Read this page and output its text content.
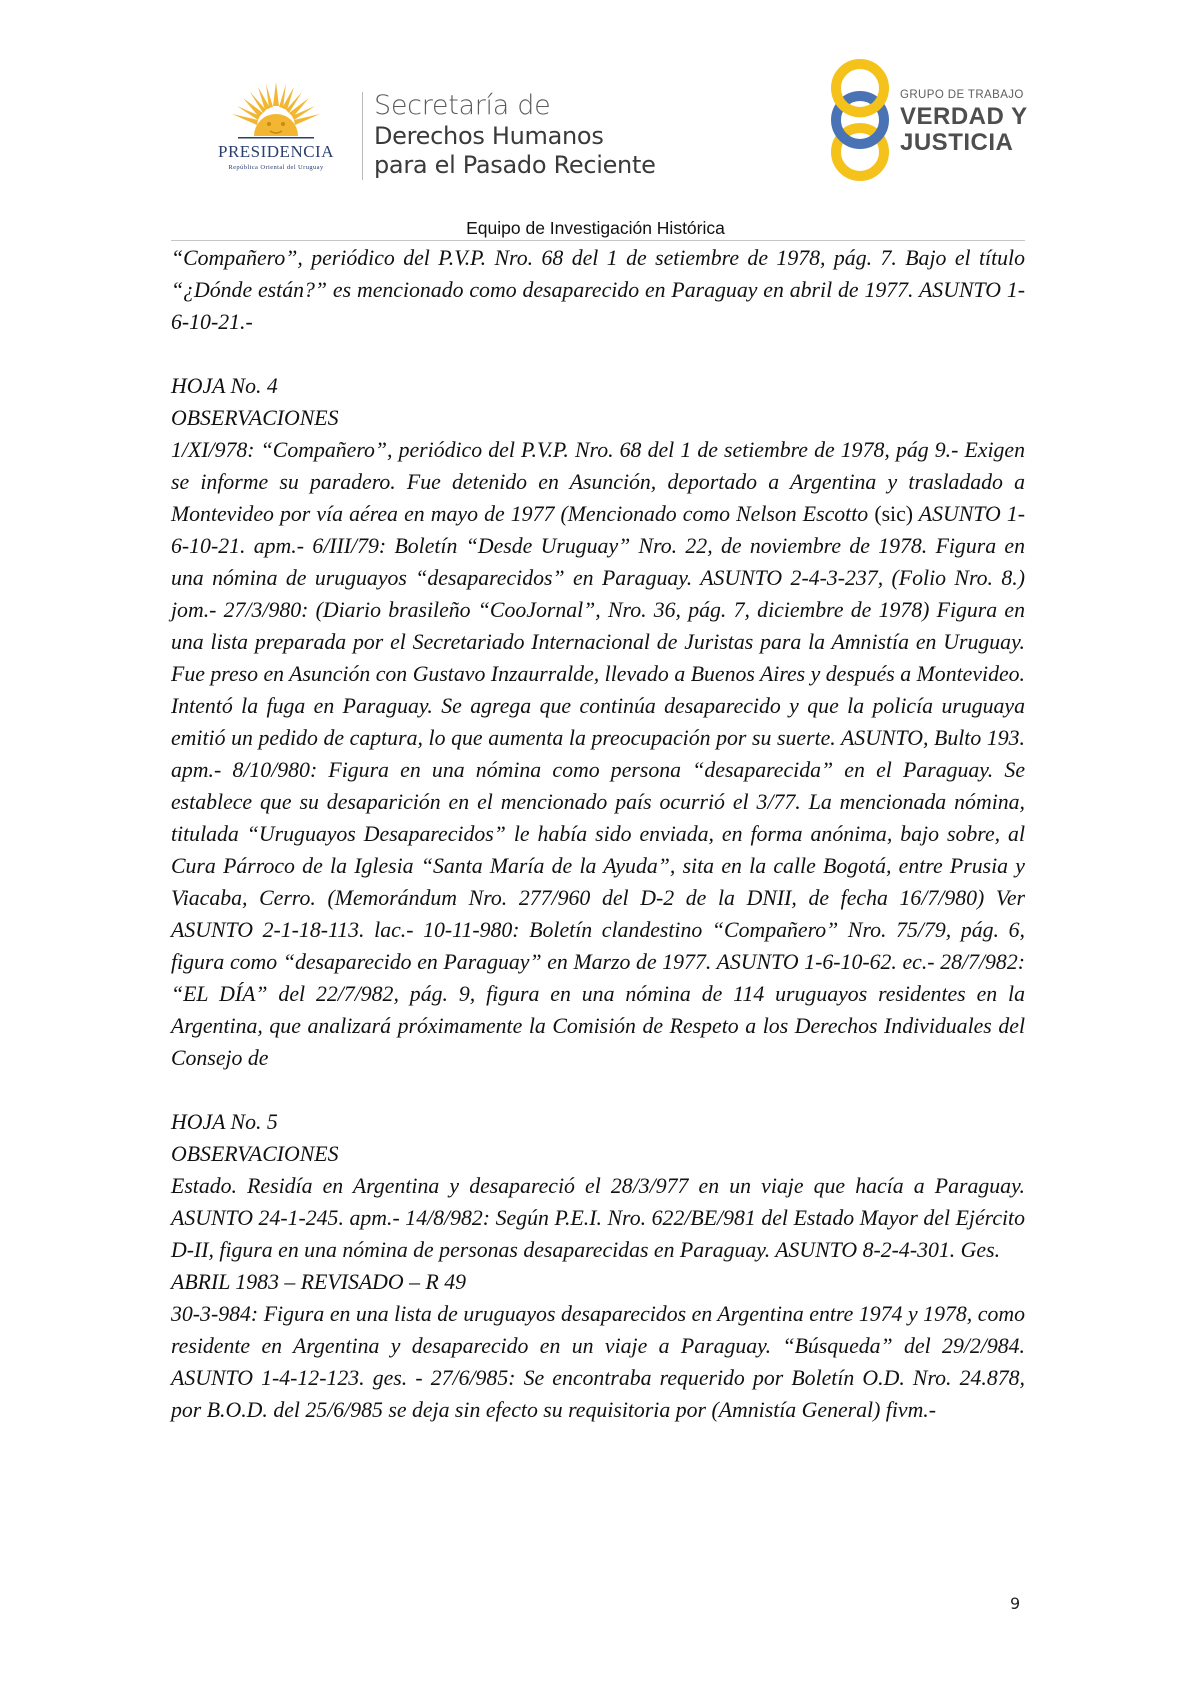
PRESIDENCIA
República Oriental del Uruguay
Secretaría de
Derechos Humanos
para el Pasado Reciente
GRUPO DE TRABAJO
VERDAD Y
JUSTICIA
Equipo de Investigación Histórica

“Compañero”, periódico del P.V.P. Nro. 68 del 1 de setiembre de 1978, pág. 7. Bajo el título “¿Dónde están?” es mencionado como desaparecido en Paraguay en abril de 1977. ASUNTO 1-6-10-21.-

HOJA No. 4

OBSERVACIONES

1/XI/978: “Compañero”, periódico del P.V.P. Nro. 68 del 1 de setiembre de 1978, pág 9.- Exigen se informe su paradero. Fue detenido en Asunción, deportado a Argentina y trasladado a Montevideo por vía aérea en mayo de 1977 (Mencionado como Nelson Escotto (sic) ASUNTO 1-6-10-21. apm.- 6/III/79: Boletín “Desde Uruguay” Nro. 22, de noviembre de 1978. Figura en una nómina de uruguayos “desaparecidos” en Paraguay. ASUNTO 2-4-3-237, (Folio Nro. 8.) jom.- 27/3/980: (Diario brasileño “CooJornal”, Nro. 36, pág. 7, diciembre de 1978) Figura en una lista preparada por el Secretariado Internacional de Juristas para la Amnistía en Uruguay. Fue preso en Asunción con Gustavo Inzaurralde, llevado a Buenos Aires y después a Montevideo. Intentó la fuga en Paraguay. Se agrega que continúa desaparecido y que la policía uruguaya emitió un pedido de captura, lo que aumenta la preocupación por su suerte. ASUNTO, Bulto 193. apm.- 8/10/980: Figura en una nómina como persona “desaparecida” en el Paraguay. Se establece que su desaparición en el mencionado país ocurrió el 3/77. La mencionada nómina, titulada “Uruguayos Desaparecidos” le había sido enviada, en forma anónima, bajo sobre, al Cura Párroco de la Iglesia “Santa María de la Ayuda”, sita en la calle Bogotá, entre Prusia y Viacaba, Cerro. (Memorándum Nro. 277/960 del D-2 de la DNII, de fecha 16/7/980) Ver ASUNTO 2-1-18-113. lac.- 10-11-980: Boletín clandestino “Compañero” Nro. 75/79, pág. 6, figura como “desaparecido en Paraguay” en Marzo de 1977. ASUNTO 1-6-10-62. ec.- 28/7/982: “EL DÍA” del 22/7/982, pág. 9, figura en una nómina de 114 uruguayos residentes en la Argentina, que analizará próximamente la Comisión de Respeto a los Derechos Individuales del Consejo de

HOJA No. 5

OBSERVACIONES

Estado. Residía en Argentina y desapareció el 28/3/977 en un viaje que hacía a Paraguay. ASUNTO 24-1-245. apm.- 14/8/982: Según P.E.I. Nro. 622/BE/981 del Estado Mayor del Ejército D-II, figura en una nómina de personas desaparecidas en Paraguay. ASUNTO 8-2-4-301. Ges.

ABRIL 1983 – REVISADO – R 49

30-3-984: Figura en una lista de uruguayos desaparecidos en Argentina entre 1974 y 1978, como residente en Argentina y desaparecido en un viaje a Paraguay. “Búsqueda” del 29/2/984. ASUNTO 1-4-12-123. ges. - 27/6/985: Se encontraba requerido por Boletín O.D. Nro. 24.878, por B.O.D. del 25/6/985 se deja sin efecto su requisitoria por (Amnistía General) fivm.-

9
